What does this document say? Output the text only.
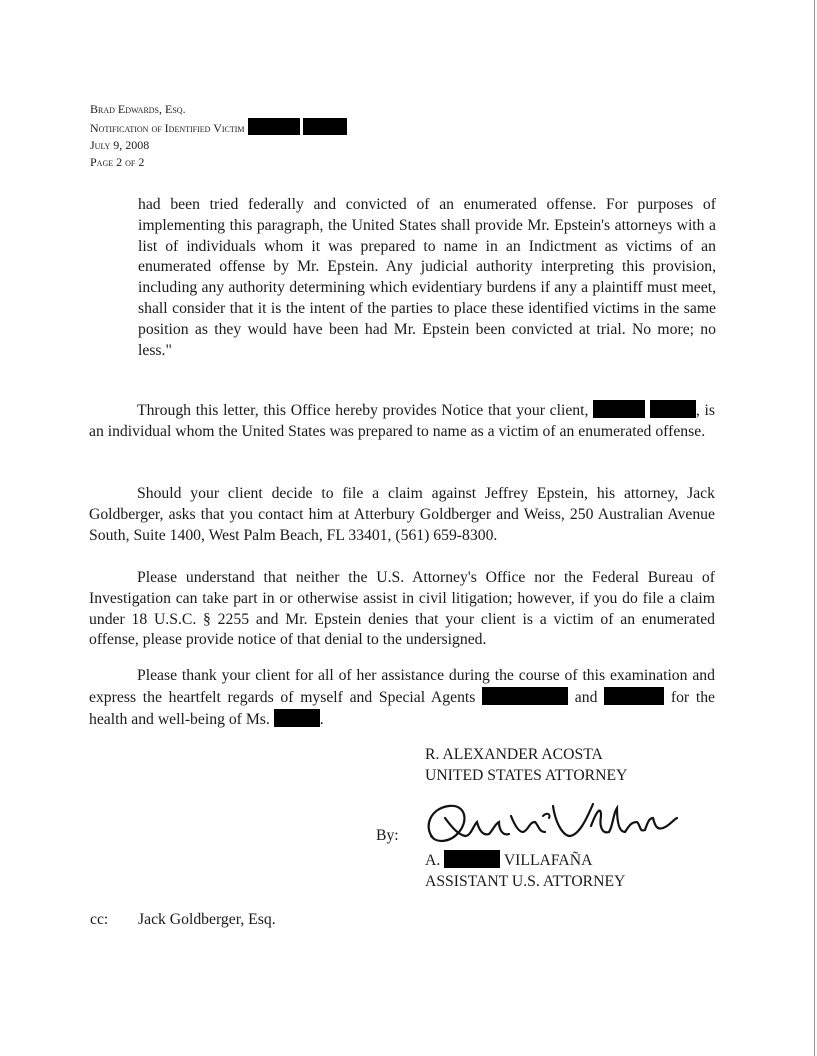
Brad Edwards, Esq.
Notification of Identified Victim
July 9, 2008
Page 2 of 2
had been tried federally and convicted of an enumerated offense. For purposes of implementing this paragraph, the United States shall provide Mr. Epstein's attorneys with a list of individuals whom it was prepared to name in an Indictment as victims of an enumerated offense by Mr. Epstein. Any judicial authority interpreting this provision, including any authority determining which evidentiary burdens if any a plaintiff must meet, shall consider that it is the intent of the parties to place these identified victims in the same position as they would have been had Mr. Epstein been convicted at trial. No more; no less."
Through this letter, this Office hereby provides Notice that your client,	, is an individual whom the United States was prepared to name as a victim of an enumerated offense.
Should your client decide to file a claim against Jeffrey Epstein, his attorney, Jack Goldberger, asks that you contact him at Atterbury Goldberger and Weiss, 250 Australian Avenue South, Suite 1400, West Palm Beach, FL 33401, (561) 659-8300.
Please understand that neither the U.S. Attorney's Office nor the Federal Bureau of Investigation can take part in or otherwise assist in civil litigation; however, if you do file a claim under 18 U.S.C. § 2255 and Mr. Epstein denies that your client is a victim of an enumerated offense, please provide notice of that denial to the undersigned.
Please thank your client for all of her assistance during the course of this examination and express the heartfelt regards of myself and Special Agents	and	for the health and well-being of Ms.	.
R. ALEXANDER ACOSTA
UNITED STATES ATTORNEY
By:
A.	VILLAFAÑA
ASSISTANT U.S. ATTORNEY
cc: Jack Goldberger, Esq.
